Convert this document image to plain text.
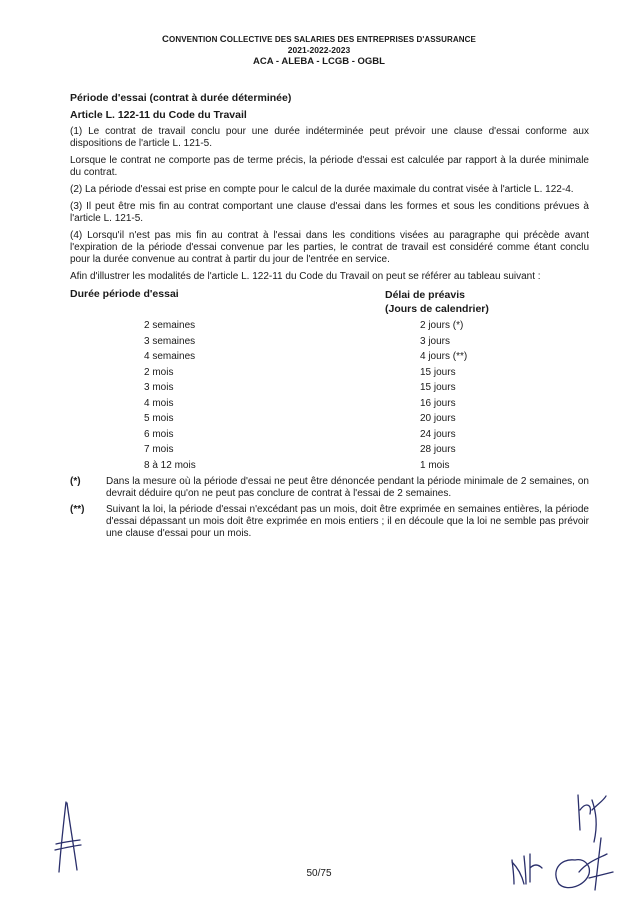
CONVENTION COLLECTIVE DES SALARIES DES ENTREPRISES D'ASSURANCE
2021-2022-2023
ACA - ALEBA - LCGB - OGBL

Période d'essai (contrat à durée déterminée)

Article L. 122-11 du Code du Travail

(1) Le contrat de travail conclu pour une durée indéterminée peut prévoir une clause d'essai conforme aux dispositions de l'article L. 121-5.

Lorsque le contrat ne comporte pas de terme précis, la période d'essai est calculée par rapport à la durée minimale du contrat.

(2) La période d'essai est prise en compte pour le calcul de la durée maximale du contrat visée à l'article L. 122-4.

(3) Il peut être mis fin au contrat comportant une clause d'essai dans les formes et sous les conditions prévues à l'article L. 121-5.

(4) Lorsqu'il n'est pas mis fin au contrat à l'essai dans les conditions visées au paragraphe qui précède avant l'expiration de la période d'essai convenue par les parties, le contrat de travail est considéré comme étant conclu pour la durée convenue au contrat à partir du jour de l'entrée en service.

Afin d'illustrer les modalités de l'article L. 122-11 du Code du Travail on peut se référer au tableau suivant :

Durée période d'essai	Délai de préavis
(Jours de calendrier)
2 semaines	2 jours (*)
3 semaines	3 jours
4 semaines	4 jours (**)
2 mois	15 jours
3 mois	15 jours
4 mois	16 jours
5 mois	20 jours
6 mois	24 jours
7 mois	28 jours
8 à 12 mois	1 mois
(*)	Dans la mesure où la période d'essai ne peut être dénoncée pendant la période minimale de 2 semaines, on devrait déduire qu'on ne peut pas conclure de contrat à l'essai de 2 semaines.
(**)	Suivant la loi, la période d'essai n'excédant pas un mois, doit être exprimée en semaines entières, la période d'essai dépassant un mois doit être exprimée en mois entiers ; il en découle que la loi ne semble pas prévoir une clause d'essai pour un mois.
50/75
